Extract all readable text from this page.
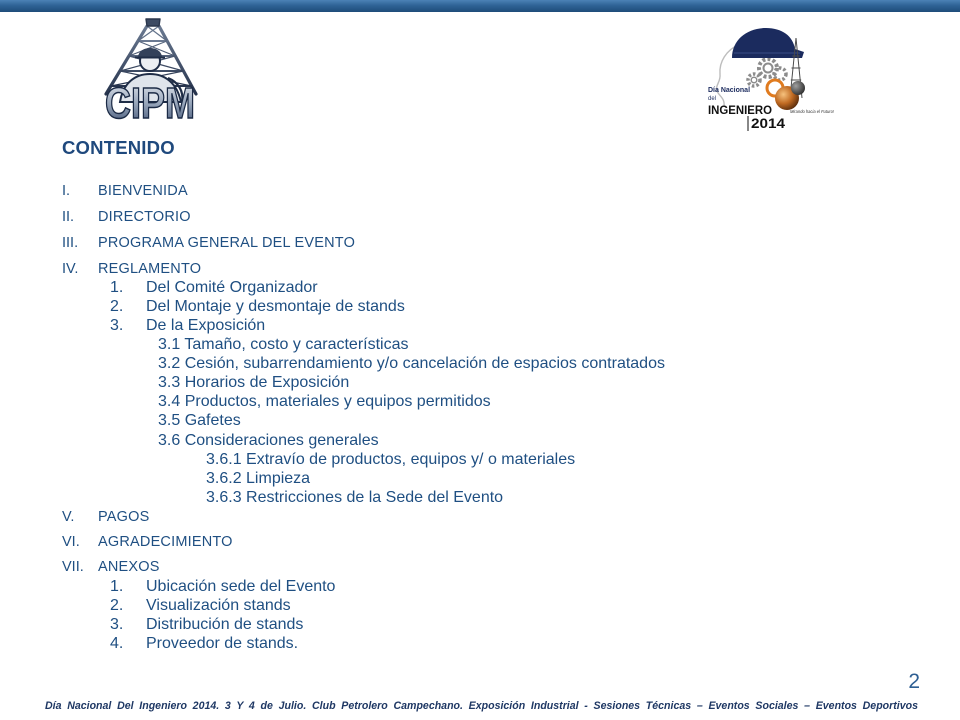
CIPM	Día Nacional
del
INGENIERO
2014
Mirando hacia el Futuro!
CONTENIDO
I. BIENVENIDA
II. DIRECTORIO
III. PROGRAMA GENERAL DEL EVENTO
IV. REGLAMENTO
1. Del Comité Organizador
2. Del Montaje y desmontaje de stands
3. De la Exposición
3.1 Tamaño, costo y características
3.2 Cesión, subarrendamiento y/o cancelación de espacios contratados
3.3 Horarios de Exposición
3.4 Productos, materiales y equipos permitidos
3.5 Gafetes
3.6 Consideraciones generales
3.6.1 Extravío de productos, equipos y/ o materiales
3.6.2 Limpieza
3.6.3 Restricciones de la Sede del Evento
V. PAGOS
VI. AGRADECIMIENTO
VII. ANEXOS
1. Ubicación sede del Evento
2. Visualización stands
3. Distribución de stands
4. Proveedor de stands.
2
Día Nacional Del Ingeniero 2014. 3 Y 4 de Julio. Club Petrolero Campechano. Exposición Industrial - Sesiones Técnicas – Eventos Sociales – Eventos Deportivos
